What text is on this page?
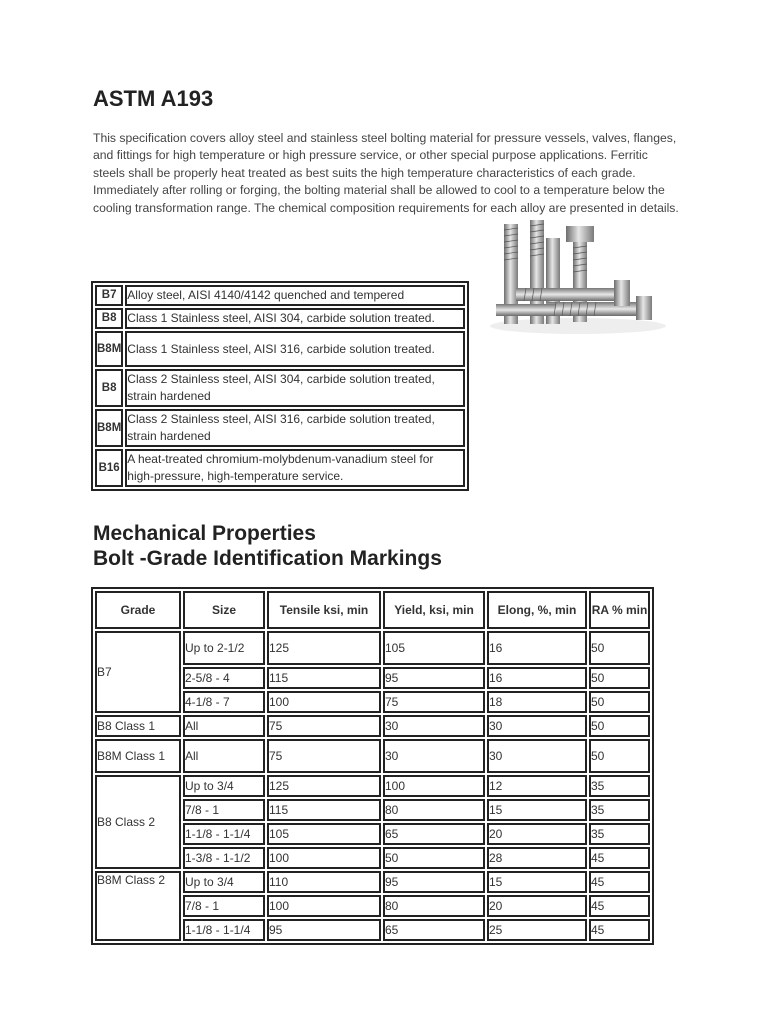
ASTM A193

This specification covers alloy steel and stainless steel bolting material for pressure vessels, valves, flanges, and fittings for high temperature or high pressure service, or other special purpose applications. Ferritic steels shall be properly heat treated as best suits the high temperature characteristics of each grade. Immediately after rolling or forging, the bolting material shall be allowed to cool to a temperature below the cooling transformation range. The chemical composition requirements for each alloy are presented in details.

B7	Alloy steel, AISI 4140/4142 quenched and tempered
B8	Class 1 Stainless steel, AISI 304, carbide solution treated.
B8M	Class 1 Stainless steel, AISI 316, carbide solution treated.
B8	Class 2 Stainless steel, AISI 304, carbide solution treated, strain hardened
B8M	Class 2 Stainless steel, AISI 316, carbide solution treated, strain hardened
B16	A heat-treated chromium-molybdenum-vanadium steel for high-pressure, high-temperature service.
Mechanical Properties
Bolt -Grade Identification Markings
Grade	Size	Tensile ksi, min	Yield, ksi, min	Elong, %, min	RA % min
B7	Up to 2-1/2	125	105	16	50
	2-5/8 - 4	115	95	16	50
	4-1/8 - 7	100	75	18	50
B8 Class 1	All	75	30	30	50
B8M Class 1	All	75	30	30	50
B8 Class 2	Up to 3/4	125	100	12	35
	7/8 - 1	115	80	15	35
	1-1/8 - 1-1/4	105	65	20	35
	1-3/8 - 1-1/2	100	50	28	45
B8M Class 2	Up to 3/4	110	95	15	45
	7/8 - 1	100	80	20	45
	1-1/8 - 1-1/4	95	65	25	45
